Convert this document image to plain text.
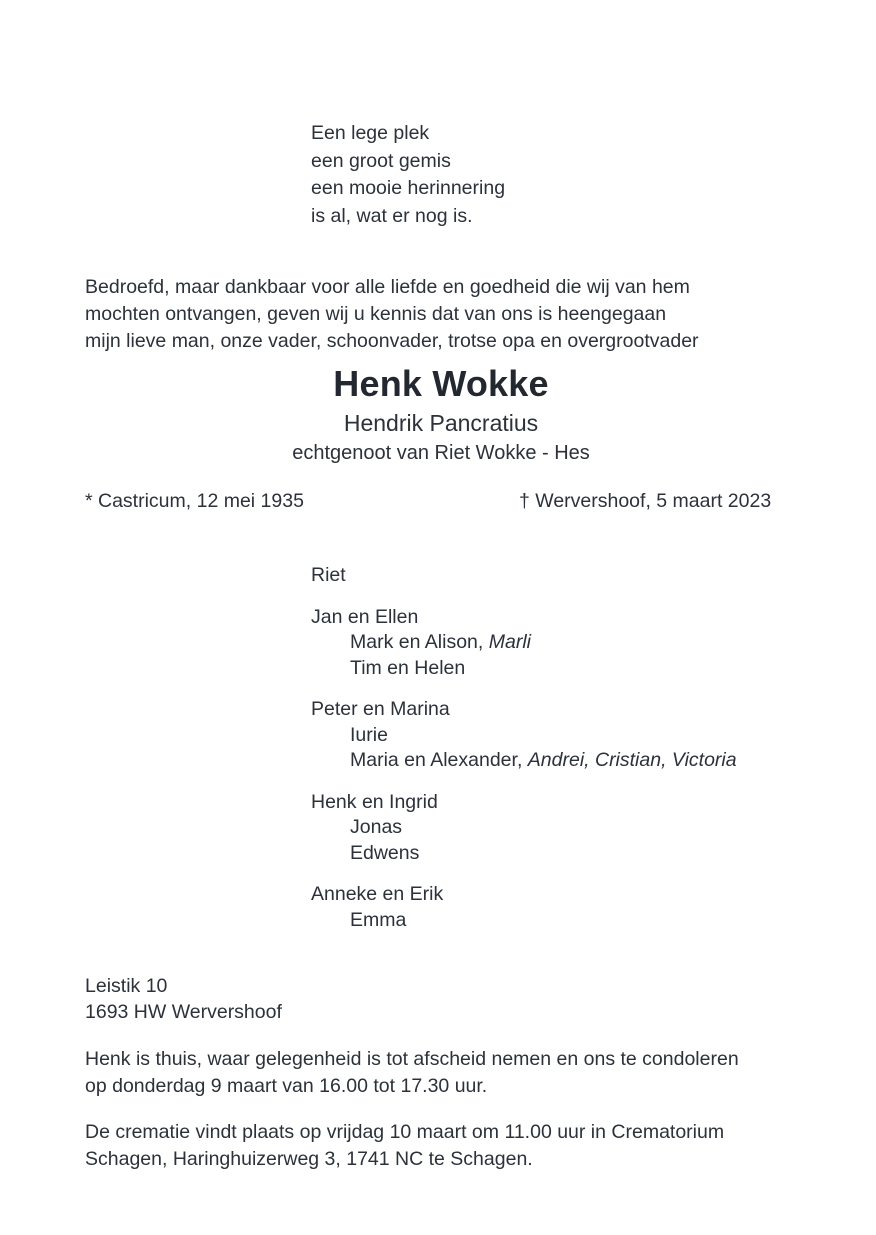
Een lege plek
een groot gemis
een mooie herinnering
is al, wat er nog is.
Bedroefd, maar dankbaar voor alle liefde en goedheid die wij van hem
mochten ontvangen, geven wij u kennis dat van ons is heengegaan
mijn lieve man, onze vader, schoonvader, trotse opa en overgrootvader
Henk Wokke
Hendrik Pancratius
echtgenoot van Riet Wokke - Hes
* Castricum, 12 mei 1935	† Wervershoof, 5 maart 2023
Riet
Jan en Ellen
Mark en Alison, Marli
Tim en Helen
Peter en Marina
Iurie
Maria en Alexander, Andrei, Cristian, Victoria
Henk en Ingrid
Jonas
Edwens
Anneke en Erik
Emma
Leistik 10
1693 HW Wervershoof

Henk is thuis, waar gelegenheid is tot afscheid nemen en ons te condoleren
op donderdag 9 maart van 16.00 tot 17.30 uur.

De crematie vindt plaats op vrijdag 10 maart om 11.00 uur in Crematorium
Schagen, Haringhuizerweg 3, 1741 NC te Schagen.
